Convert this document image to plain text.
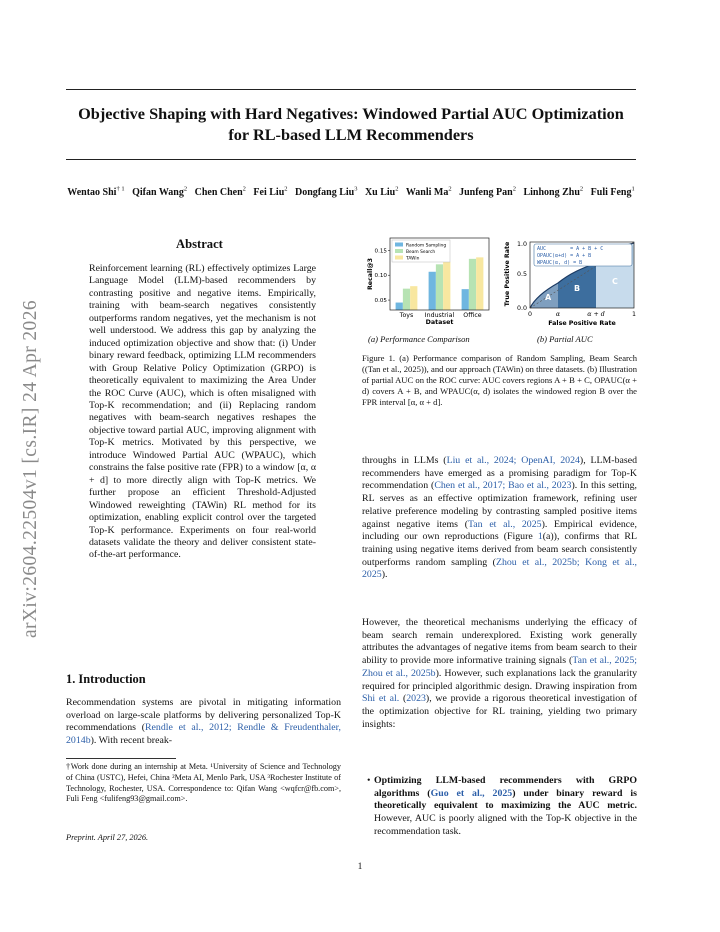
Objective Shaping with Hard Negatives: Windowed Partial AUC Optimization for RL-based LLM Recommenders
Wentao Shi$^{\dagger 1}$ Qifan Wang$^2$ Chen Chen$^2$ Fei Liu$^2$ Dongfang Liu$^3$ Xu Liu$^2$ Wanli Ma$^2$ Junfeng Pan$^2$ Linhong Zhu$^2$ Fuli Feng$^1$
arXiv:2604.22504v1 [cs.IR] 24 Apr 2026
Abstract
Reinforcement learning (RL) effectively optimizes Large Language Model (LLM)-based recommenders by contrasting positive and negative items. Empirically, training with beam-search negatives consistently outperforms random negatives, yet the mechanism is not well understood. We address this gap by analyzing the induced optimization objective and show that: (i) Under binary reward feedback, optimizing LLM recommenders with Group Relative Policy Optimization (GRPO) is theoretically equivalent to maximizing the Area Under the ROC Curve (AUC), which is often misaligned with Top-K recommendation; and (ii) Replacing random negatives with beam-search negatives reshapes the objective toward partial AUC, improving alignment with Top-K metrics. Motivated by this perspective, we introduce Windowed Partial AUC (WPAUC), which constrains the false positive rate (FPR) to a window [α, α + d] to more directly align with Top-K metrics. We further propose an efficient Threshold-Adjusted Windowed reweighting (TAWin) RL method for its optimization, enabling explicit control over the targeted Top-K performance. Experiments on four real-world datasets validate the theory and deliver consistent state-of-the-art performance.
1. Introduction
Recommendation systems are pivotal in mitigating information overload on large-scale platforms by delivering personalized Top-K recommendations (Rendle et al., 2012; Rendle & Freudenthaler, 2014b). With recent break-
†Work done during an internship at Meta. ¹University of Science and Technology of China (USTC), Hefei, China ²Meta AI, Menlo Park, USA ³Rochester Institute of Technology, Rochester, USA. Correspondence to: Qifan Wang <wqfcr@fb.com>, Fuli Feng <fulifeng93@gmail.com>.
Preprint. April 27, 2026.
1
0.05
0.10
0.15
Toys Industrial Office
Dataset
Recall@3
Random Sampling
Beam Search
TAWin
(a) Performance Comparison
True Positive Rate 1.0
0.5
0.0
A
B
C
AUC        = A + B + C
OPAUC(α+d) = A + B
WPAUC(α, d) = B
0	α	α + d	1
False Positive Rate
(b) Partial AUC
Figure 1. (a) Performance comparison of Random Sampling, Beam Search ((Tan et al., 2025)), and our approach (TAWin) on three datasets. (b) Illustration of partial AUC on the ROC curve: AUC covers regions A + B + C, OPAUC(α + d) covers A + B, and WPAUC(α, d) isolates the windowed region B over the FPR interval [α, α + d].
throughs in LLMs (Liu et al., 2024; OpenAI, 2024), LLM-based recommenders have emerged as a promising paradigm for Top-K recommendation (Chen et al., 2017; Bao et al., 2023). In this setting, RL serves as an effective optimization framework, refining user relative preference modeling by contrasting sampled positive items against negative items (Tan et al., 2025). Empirical evidence, including our own reproductions (Figure 1(a)), confirms that RL training using negative items derived from beam search consistently outperforms random sampling (Zhou et al., 2025b; Kong et al., 2025).
However, the theoretical mechanisms underlying the efficacy of beam search remain underexplored. Existing work generally attributes the advantages of negative items from beam search to their ability to provide more informative training signals (Tan et al., 2025; Zhou et al., 2025b). However, such explanations lack the granularity required for principled algorithmic design. Drawing inspiration from Shi et al. (2023), we provide a rigorous theoretical investigation of the optimization objective for RL training, yielding two primary insights:
• Optimizing LLM-based recommenders with GRPO algorithms (Guo et al., 2025) under binary reward is theoretically equivalent to maximizing the AUC metric. However, AUC is poorly aligned with the Top-K objective in the recommendation task.
